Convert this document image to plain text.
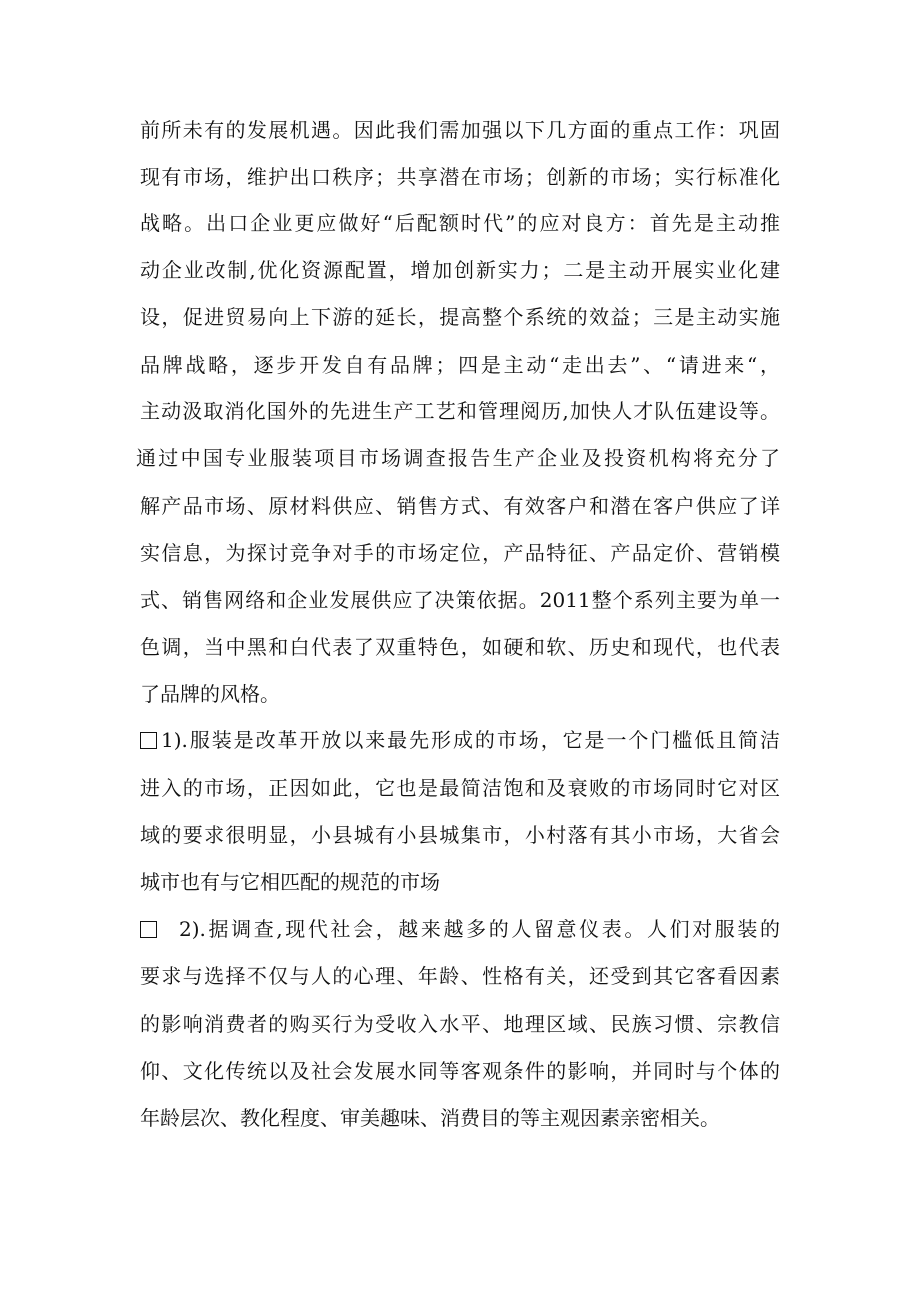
前所未有的发展机遇。因此我们需加强以下几方面的重点工作：巩固
现有市场，维护出口秩序；共享潜在市场；创新的市场；实行标准化
战略。出口企业更应做好“后配额时代”的应对良方：首先是主动推
动企业改制,优化资源配置，增加创新实力；二是主动开展实业化建
设，促进贸易向上下游的延长，提高整个系统的效益；三是主动实施
品牌战略，逐步开发自有品牌；四是主动“走出去”、“请进来“，
主动汲取消化国外的先进生产工艺和管理阅历,加快人才队伍建设等。
通过中国专业服装项目市场调查报告生产企业及投资机构将充分了
解产品市场、原材料供应、销售方式、有效客户和潜在客户供应了详
实信息，为探讨竞争对手的市场定位，产品特征、产品定价、营销模
式、销售网络和企业发展供应了决策依据。2011整个系列主要为单一
色调，当中黑和白代表了双重特色，如硬和软、历史和现代，也代表
了品牌的风格。
1).服装是改革开放以来最先形成的市场，它是一个门槛低且简洁
进入的市场，正因如此，它也是最简洁饱和及衰败的市场同时它对区
域的要求很明显，小县城有小县城集市，小村落有其小市场，大省会
城市也有与它相匹配的规范的市场
2).据调查,现代社会，越来越多的人留意仪表。人们对服装的
要求与选择不仅与人的心理、年龄、性格有关，还受到其它客看因素
的影响消费者的购买行为受收入水平、地理区域、民族习惯、宗教信
仰、文化传统以及社会发展水同等客观条件的影响，并同时与个体的
年龄层次、教化程度、审美趣味、消费目的等主观因素亲密相关。
